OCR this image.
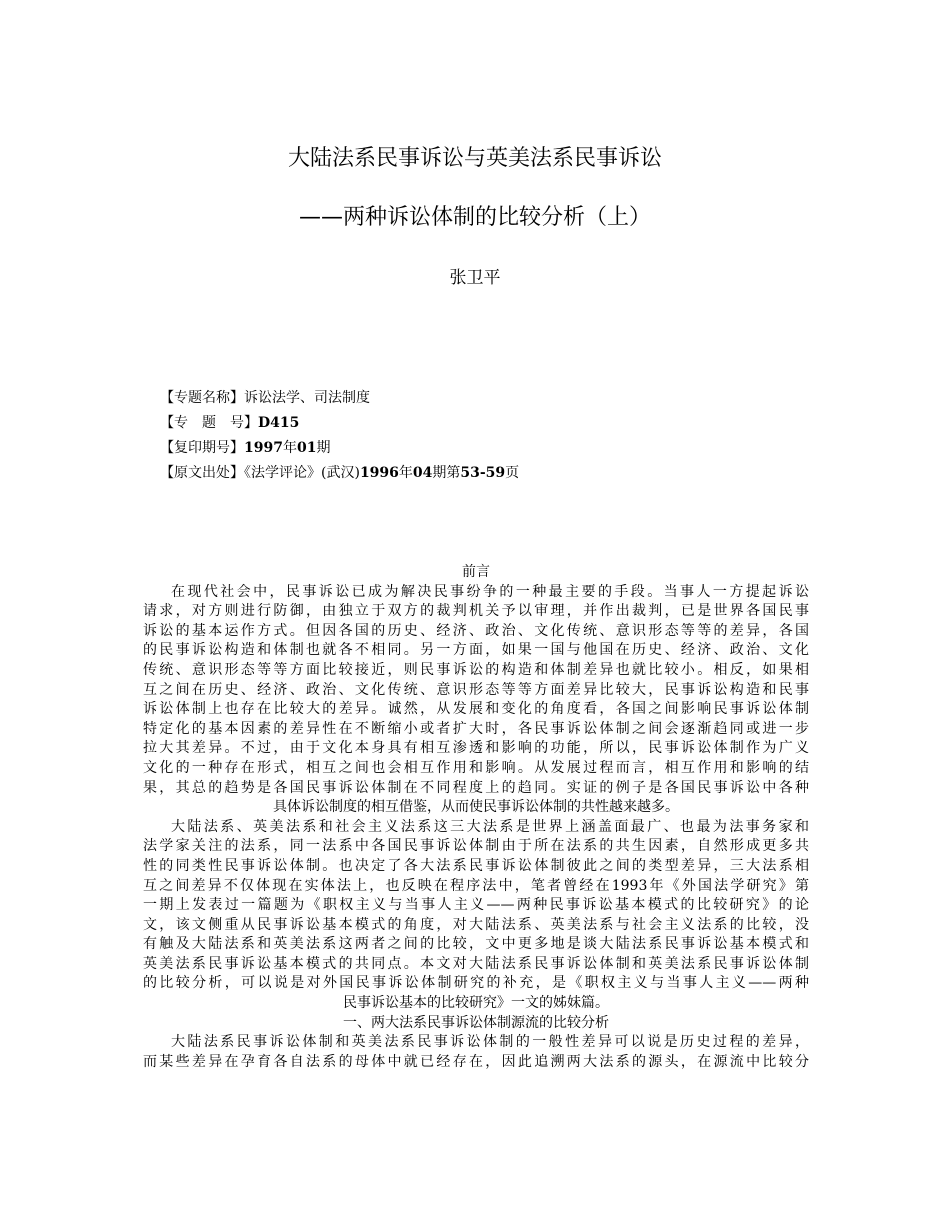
大陆法系民事诉讼与英美法系民事诉讼
——两种诉讼体制的比较分析（上）
张卫平
【专题名称】诉讼法学、司法制度
【专　题　号】D415
【复印期号】1997年01期
【原文出处】《法学评论》(武汉)1996年04期第53-59页
前言
在现代社会中，民事诉讼已成为解决民事纷争的一种最主要的手段。当事人一方提起诉讼
请求，对方则进行防御，由独立于双方的裁判机关予以审理，并作出裁判，已是世界各国民事
诉讼的基本运作方式。但因各国的历史、经济、政治、文化传统、意识形态等等的差异，各国
的民事诉讼构造和体制也就各不相同。另一方面，如果一国与他国在历史、经济、政治、文化
传统、意识形态等等方面比较接近，则民事诉讼的构造和体制差异也就比较小。相反，如果相
互之间在历史、经济、政治、文化传统、意识形态等等方面差异比较大，民事诉讼构造和民事
诉讼体制上也存在比较大的差异。诚然，从发展和变化的角度看，各国之间影响民事诉讼体制
特定化的基本因素的差异性在不断缩小或者扩大时，各民事诉讼体制之间会逐渐趋同或进一步
拉大其差异。不过，由于文化本身具有相互渗透和影响的功能，所以，民事诉讼体制作为广义
文化的一种存在形式，相互之间也会相互作用和影响。从发展过程而言，相互作用和影响的结
果，其总的趋势是各国民事诉讼体制在不同程度上的趋同。实证的例子是各国民事诉讼中各种
具体诉讼制度的相互借鉴，从而使民事诉讼体制的共性越来越多。
大陆法系、英美法系和社会主义法系这三大法系是世界上涵盖面最广、也最为法事务家和
法学家关注的法系，同一法系中各国民事诉讼体制由于所在法系的共生因素，自然形成更多共
性的同类性民事诉讼体制。也决定了各大法系民事诉讼体制彼此之间的类型差异，三大法系相
互之间差异不仅体现在实体法上，也反映在程序法中，笔者曾经在1993年《外国法学研究》第
一期上发表过一篇题为《职权主义与当事人主义——两种民事诉讼基本模式的比较研究》的论
文，该文侧重从民事诉讼基本模式的角度，对大陆法系、英美法系与社会主义法系的比较，没
有触及大陆法系和英美法系这两者之间的比较，文中更多地是谈大陆法系民事诉讼基本模式和
英美法系民事诉讼基本模式的共同点。本文对大陆法系民事诉讼体制和英美法系民事诉讼体制
的比较分析，可以说是对外国民事诉讼体制研究的补充，是《职权主义与当事人主义——两种
民事诉讼基本的比较研究》一文的姊妹篇。
一、两大法系民事诉讼体制源流的比较分析
大陆法系民事诉讼体制和英美法系民事诉讼体制的一般性差异可以说是历史过程的差异，
而某些差异在孕育各自法系的母体中就已经存在，因此追溯两大法系的源头，在源流中比较分
